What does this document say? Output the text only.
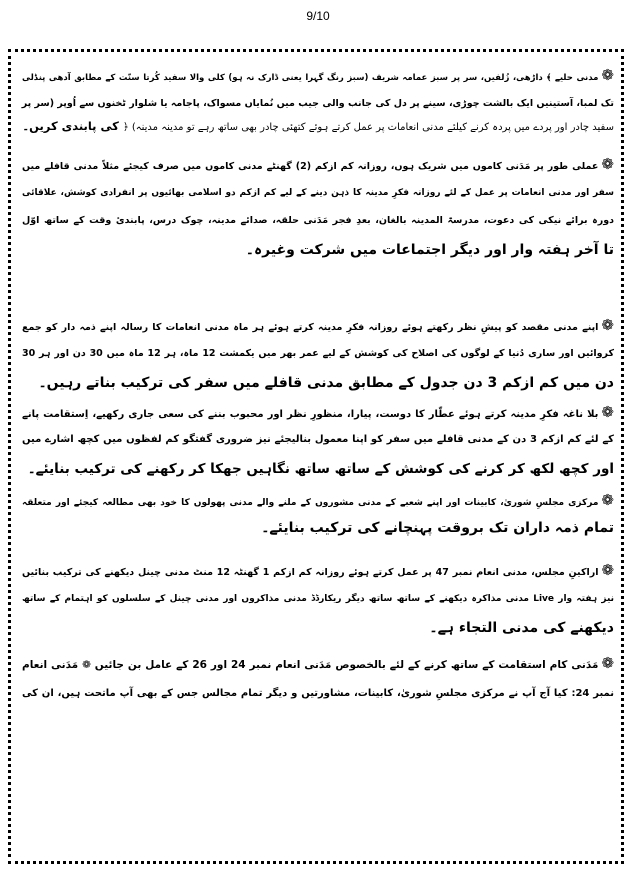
9/10
❁مدنی حلیے ﴾ داڑھی، زُلفیں، سر پر سبز عمامہ شریف (سبز رنگ گہرا یعنی ڈارک نہ ہو) کلی والا سفید کُرتا سنّت کے مطابق آدھی پنڈلی
تک لمبا، آستینیں ایک بالشت چوڑی، سینے پر دل کی جانب والی جیب میں نُمایاں مسواک، پاجامہ یا شلوار ٹخنوں سے اُوپر (سر پر
سفید چادر اور پردے میں پردہ کرنے کیلئے مدنی انعامات پر عمل کرتے ہوئے کتھئی چادر بھی ساتھ رہے تو مدینہ مدینہ) ﴿ کی پابندی کریں۔
❁عملی طور پر مَدَنی کاموں میں شریک ہوں، روزانہ کم ازکم (2) گھنٹے مدنی کاموں میں صرف کیجئے مثلاً مدنی قافلے میں
سفر اور مدنی انعامات پر عمل کے لئے روزانہ فکرِ مدینہ کا ذہن دینے کے لیے کم ازکم دو اسلامی بھائیوں پر انفرادی کوشش، علاقائی
دورہ برائے نیکی کی دعوت، مدرسۃ المدینہ بالغان، بعدِ فجر مَدَنی حلقہ، صدائے مدینہ، چوک درس، پابندیٔ وقت کے ساتھ اوّل
تا آخر ہفتہ وار اور دیگر اجتماعات میں شرکت وغیرہ۔
❁اپنے مدنی مقصد کو پیشِ نظر رکھتے ہوئے روزانہ فکرِ مدینہ کرتے ہوئے ہر ماہ مدنی انعامات کا رسالہ اپنے ذمہ دار کو جمع
کروائیں اور ساری دُنیا کے لوگوں کی اصلاح کی کوشش کے لیے عمر بھر میں یکمشت 12 ماہ، ہر 12 ماہ میں 30 دن اور ہر 30
دن میں کم ازکم 3 دن جدول کے مطابق مدنی قافلے میں سفر کی ترکیب بناتے رہیں۔
❁بلا ناغہ فکرِ مدینہ کرتے ہوئے عطّار کا دوست، پیارا، منظورِ نظر اور محبوب بننے کی سعی جاری رکھیے، اِستقامت پانے
کے لئے کم ازکم 3 دن کے مدنی قافلے میں سفر کو اپنا معمول بنالیجئے نیز ضروری گفتگو کم لفظوں میں کچھ اشارے میں
اور کچھ لکھ کر کرنے کی کوشش کے ساتھ ساتھ نگاہیں جھکا کر رکھنے کی ترکیب بنایئے۔
❁مرکزی مجلسِ شوریٰ، کابینات اور اپنے شعبے کے مدنی مشوروں کے ملنے والے مدنی پھولوں کا خود بھی مطالعہ کیجئے اور متعلقہ
تمام ذمہ داران تک بروقت پہنچانے کی ترکیب بنایئے۔
❁اراکینِ مجلس، مدنی انعام نمبر 47 پر عمل کرتے ہوئے روزانہ کم ازکم 1 گھنٹہ 12 منٹ مدنی چینل دیکھنے کی ترکیب بنائیں
نیز ہفتہ وار Live مدنی مذاکرہ دیکھنے کے ساتھ ساتھ دیگر ریکارڈڈ مدنی مذاکروں اور مدنی چینل کے سلسلوں کو اہتمام کے ساتھ
دیکھنے کی مدنی التجاء ہے۔
❁مَدَنی کام استقامت کے ساتھ کرنے کے لئے بالخصوص مَدَنی انعام نمبر 24 اور 26 کے عامل بن جائیں ❁ مَدَنی انعام
نمبر 24: کیا آج آپ نے مرکزی مجلسِ شوریٰ، کابینات، مشاورتیں و دیگر تمام مجالس جس کے بھی آپ ماتحت ہیں، ان کی
